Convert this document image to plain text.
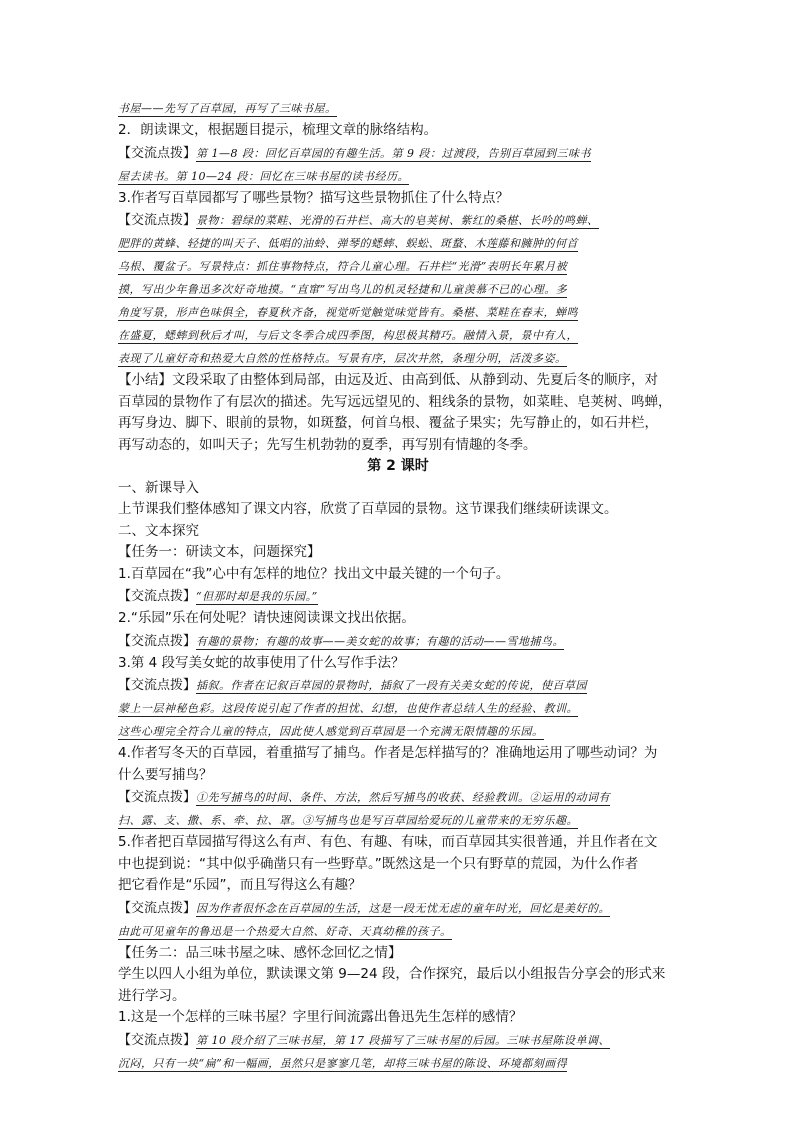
书屋——先写了百草园，再写了三味书屋。
2．朗读课文，根据题目提示，梳理文章的脉络结构。
【交流点拨】第 1—8 段：回忆百草园的有趣生活。第 9 段：过渡段，告别百草园到三味书
屋去读书。第 10—24 段：回忆在三味书屋的读书经历。
3.作者写百草园都写了哪些景物？描写这些景物抓住了什么特点？
【交流点拨】景物：碧绿的菜畦、光滑的石井栏、高大的皂荚树、紫红的桑椹、长吟的鸣蝉、
肥胖的黄蜂、轻捷的叫天子、低唱的油蛉、弹琴的蟋蟀、蜈蚣、斑蝥、木莲藤和臃肿的何首
乌根、覆盆子。写景特点：抓住事物特点，符合儿童心理。石井栏“光滑”表明长年累月被
摸，写出少年鲁迅多次好奇地摸。“直窜”写出鸟儿的机灵轻捷和儿童羡慕不已的心理。多
角度写景，形声色味俱全，春夏秋齐备，视觉听觉触觉味觉皆有。桑椹、菜畦在春末，蝉鸣
在盛夏，蟋蟀到秋后才叫，与后文冬季合成四季图，构思极其精巧。融情入景，景中有人，
表现了儿童好奇和热爱大自然的性格特点。写景有序，层次井然，条理分明，活泼多姿。
【小结】文段采取了由整体到局部，由远及近、由高到低、从静到动、先夏后冬的顺序，对
百草园的景物作了有层次的描述。先写远远望见的、粗线条的景物，如菜畦、皂荚树、鸣蝉，
再写身边、脚下、眼前的景物，如斑蝥，何首乌根、覆盆子果实；先写静止的，如石井栏，
再写动态的，如叫天子；先写生机勃勃的夏季，再写别有情趣的冬季。
第 2 课时
一、新课导入
上节课我们整体感知了课文内容，欣赏了百草园的景物。这节课我们继续研读课文。
二、文本探究
【任务一：研读文本，问题探究】
1.百草园在“我”心中有怎样的地位？找出文中最关键的一个句子。
【交流点拨】“但那时却是我的乐园。”
2.“乐园”乐在何处呢？请快速阅读课文找出依据。
【交流点拨】有趣的景物；有趣的故事——美女蛇的故事；有趣的活动——雪地捕鸟。
3.第 4 段写美女蛇的故事使用了什么写作手法？
【交流点拨】插叙。作者在记叙百草园的景物时，插叙了一段有关美女蛇的传说，使百草园
蒙上一层神秘色彩。这段传说引起了作者的担忧、幻想，也使作者总结人生的经验、教训。
这些心理完全符合儿童的特点，因此使人感觉到百草园是一个充满无限情趣的乐园。
4.作者写冬天的百草园，着重描写了捕鸟。作者是怎样描写的？准确地运用了哪些动词？为
什么要写捕鸟？
【交流点拨】①先写捕鸟的时间、条件、方法，然后写捕鸟的收获、经验教训。②运用的动词有
扫、露、支、撒、系、牵、拉、罩。③写捕鸟也是写百草园给爱玩的儿童带来的无穷乐趣。
5.作者把百草园描写得这么有声、有色、有趣、有味，而百草园其实很普通，并且作者在文
中也提到说：“其中似乎确凿只有一些野草。”既然这是一个只有野草的荒园，为什么作者
把它看作是“乐园”，而且写得这么有趣？
【交流点拨】因为作者很怀念在百草园的生活，这是一段无忧无虑的童年时光，回忆是美好的。
由此可见童年的鲁迅是一个热爱大自然、好奇、天真幼稚的孩子。
【任务二：品三味书屋之味、感怀念回忆之情】
学生以四人小组为单位，默读课文第 9—24 段，合作探究，最后以小组报告分享会的形式来
进行学习。
1.这是一个怎样的三味书屋？字里行间流露出鲁迅先生怎样的感情？
【交流点拨】第 10 段介绍了三味书屋，第 17 段描写了三味书屋的后园。三味书屋陈设单调、
沉闷，只有一块“扁”和一幅画，虽然只是寥寥几笔，却将三味书屋的陈设、环境都刻画得
